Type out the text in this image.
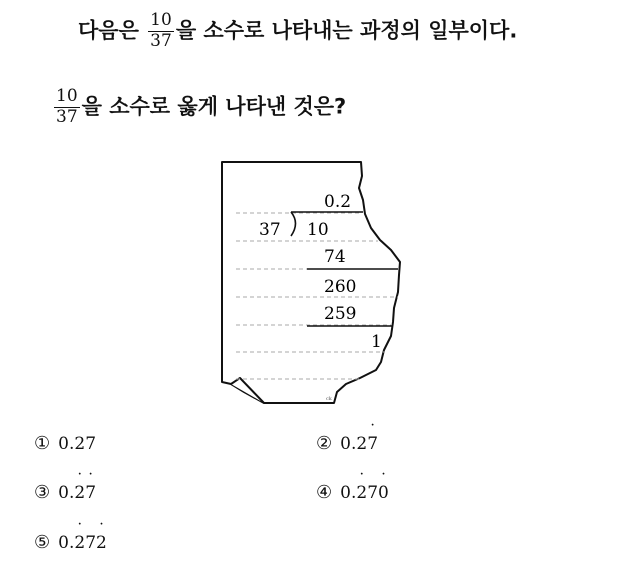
다음은 $\frac{10}{37}$ 을 소수로 나타내는 과정의 일부이다.
$\frac{10}{37}$ 을 소수로 옳게 나타낸 것은?
0.2
37 10
74
260
259
1
ck
① 0.27	② 0.27 ˙
③ 0.2 ˙7 ˙	④ 0.2 ˙70 ˙
⑤ 0.2 ˙72 ˙
